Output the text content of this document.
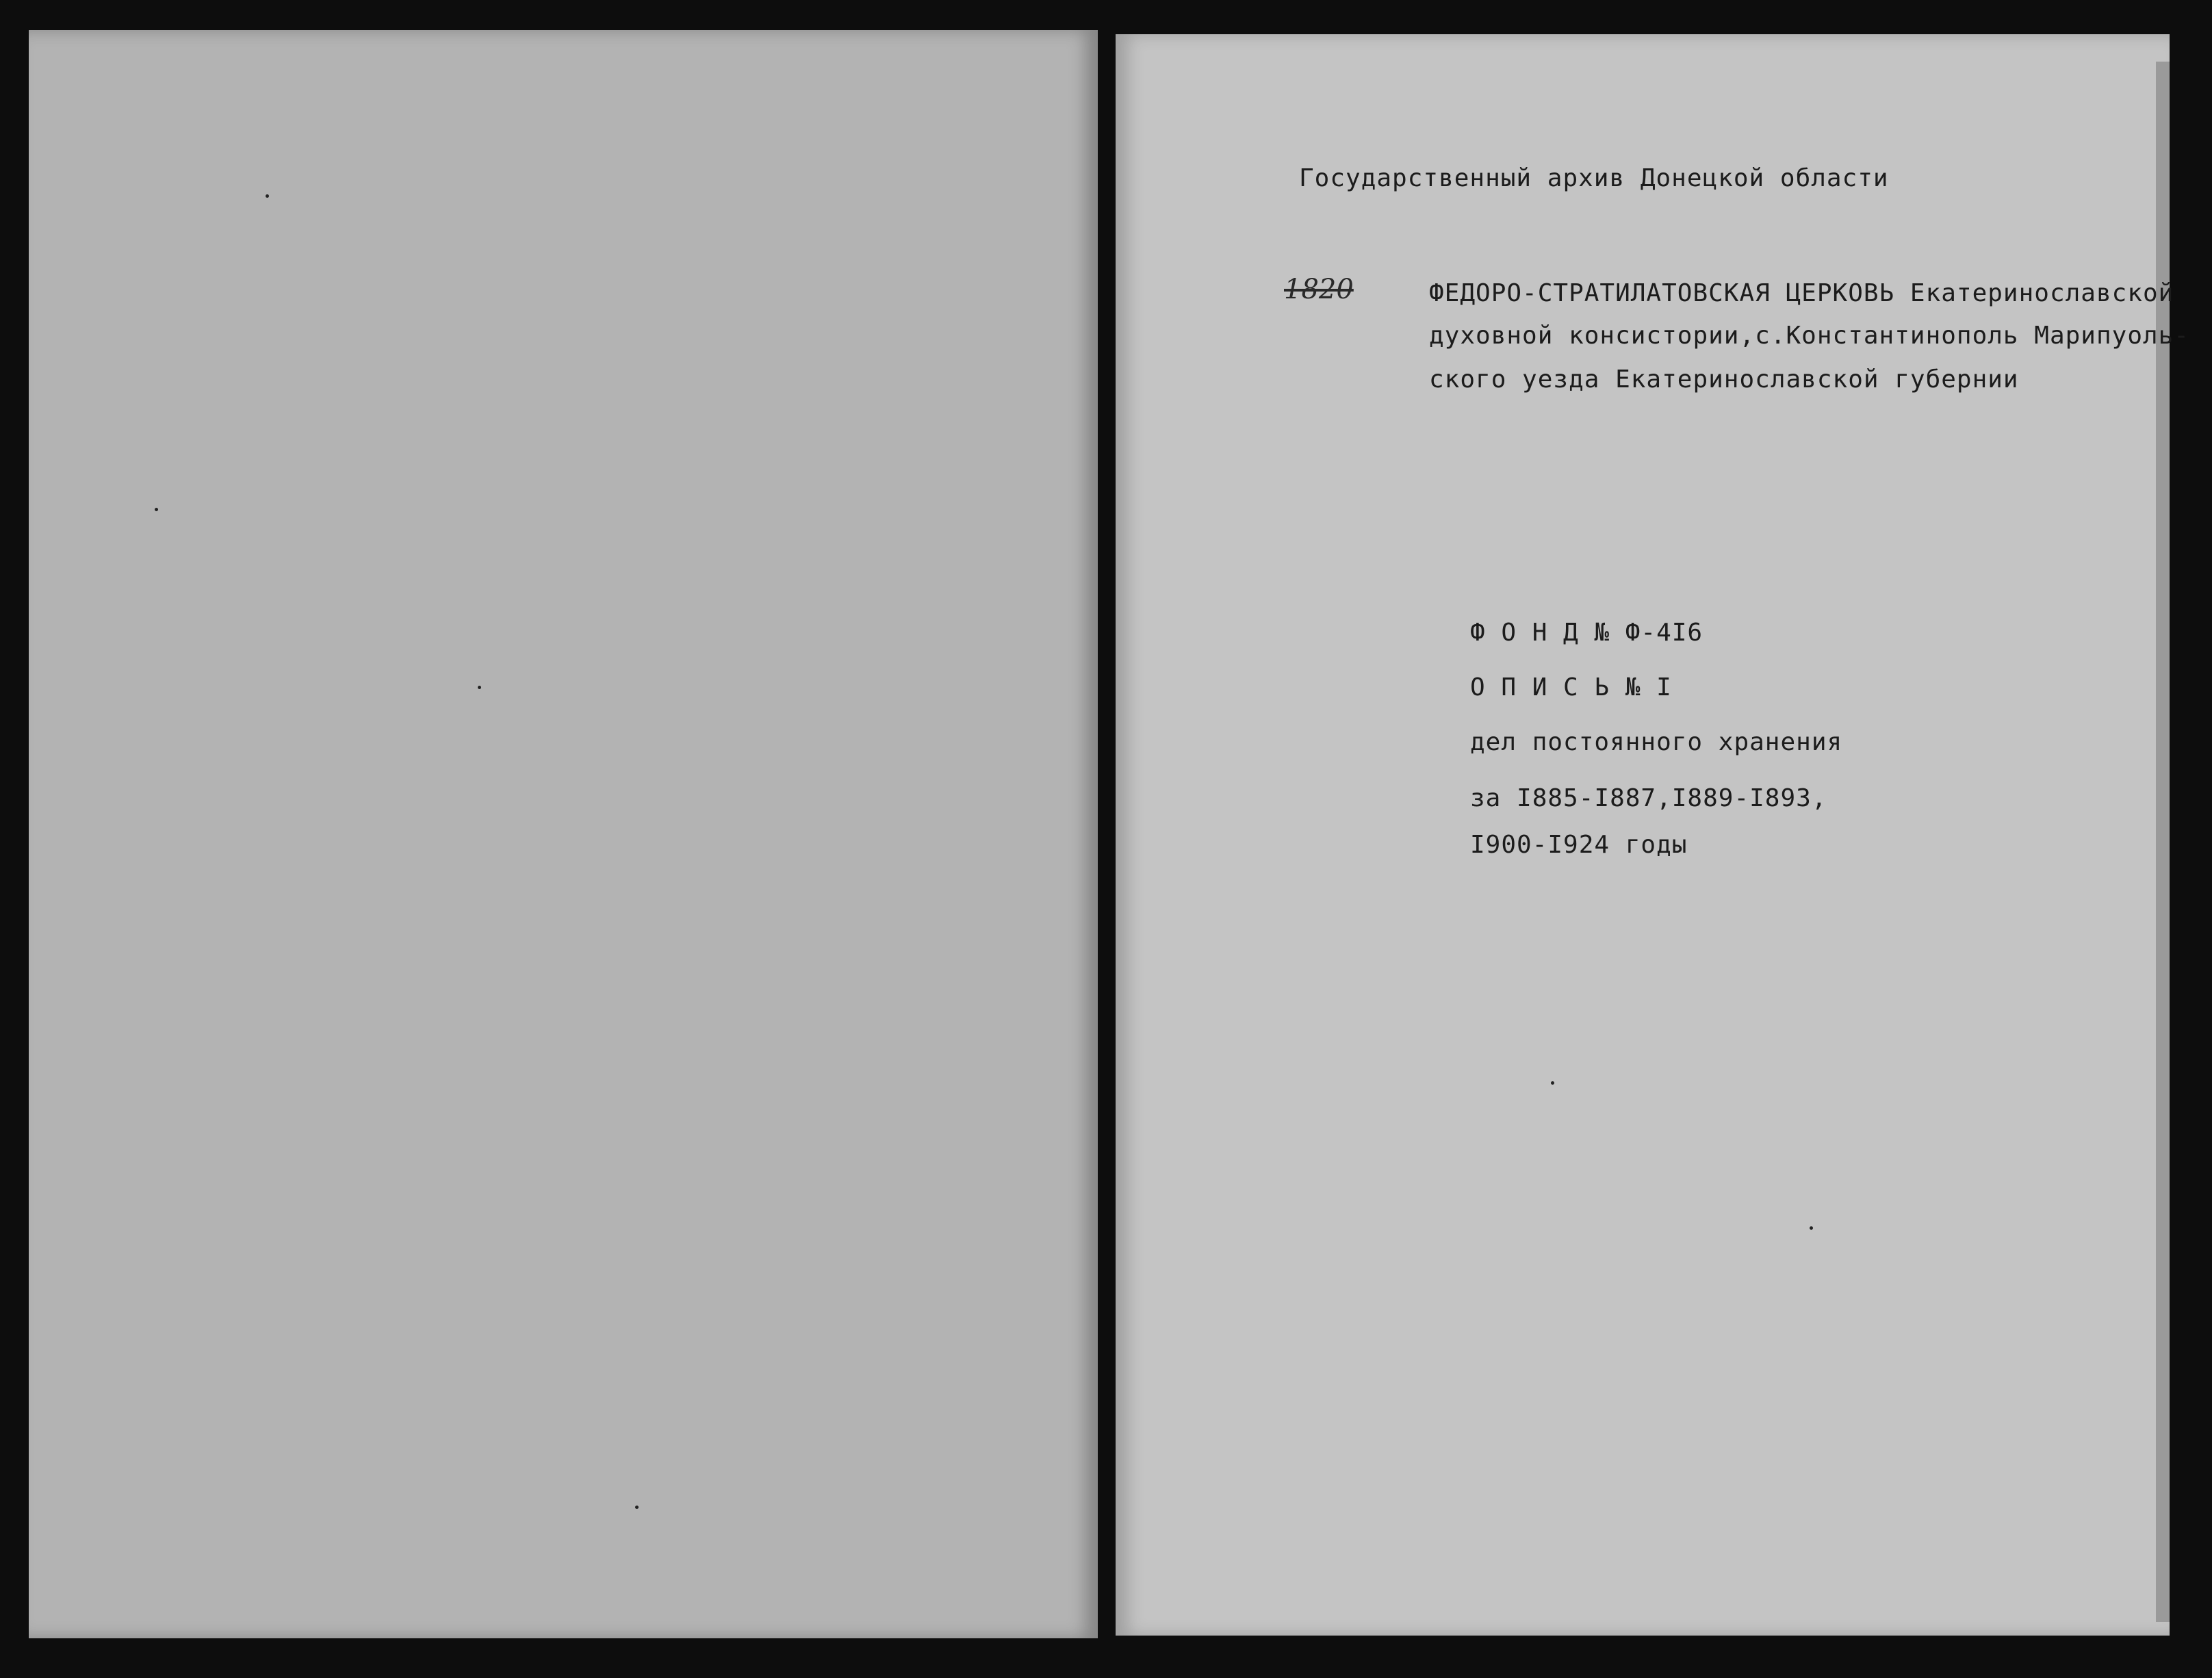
Государственный архив Донецкой области
1820	ФЕДОРО-СТРАТИЛАТОВСКАЯ ЦЕРКОВЬ Екатеринославской
духовной консистории,с.Константинополь Марипуоль-
ского уезда Екатеринославской губернии
Ф О Н Д № Ф-4I6
О П И С Ь № I
дел постоянного хранения
за I885-I887,I889-I893,
I900-I924 годы
